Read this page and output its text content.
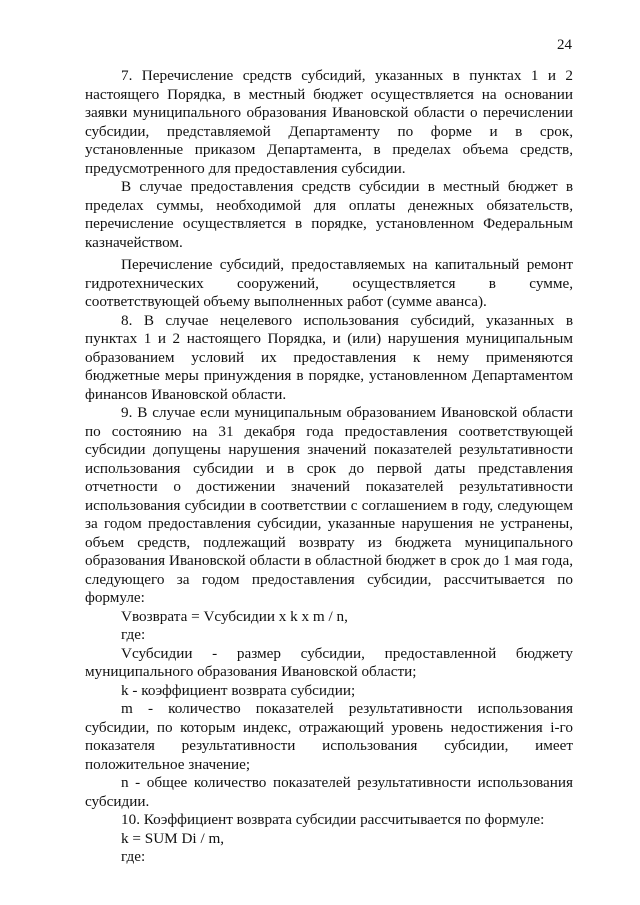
24

7. Перечисление средств субсидий, указанных в пунктах 1 и 2 настоящего Порядка, в местный бюджет осуществляется на основании заявки муниципального образования Ивановской области о перечислении субсидии, представляемой Департаменту по форме и в срок, установленные приказом Департамента, в пределах объема средств, предусмотренного для предоставления субсидии.

В случае предоставления средств субсидии в местный бюджет в пределах суммы, необходимой для оплаты денежных обязательств, перечисление осуществляется в порядке, установленном Федеральным казначейством.

Перечисление субсидий, предоставляемых на капитальный ремонт гидротехнических сооружений, осуществляется в сумме, соответствующей объему выполненных работ (сумме аванса).

8. В случае нецелевого использования субсидий, указанных в пунктах 1 и 2 настоящего Порядка, и (или) нарушения муниципальным образованием условий их предоставления к нему применяются бюджетные меры принуждения в порядке, установленном Департаментом финансов Ивановской области.

9. В случае если муниципальным образованием Ивановской области по состоянию на 31 декабря года предоставления соответствующей субсидии допущены нарушения значений показателей результативности использования субсидии и в срок до первой даты представления отчетности о достижении значений показателей результативности использования субсидии в соответствии с соглашением в году, следующем за годом предоставления субсидии, указанные нарушения не устранены, объем средств, подлежащий возврату из бюджета муниципального образования Ивановской области в областной бюджет в срок до 1 мая года, следующего за годом предоставления субсидии, рассчитывается по формуле:

Vвозврата = Vсубсидии x k x m / n,

где:

Vсубсидии - размер субсидии, предоставленной бюджету муниципального образования Ивановской области;

k - коэффициент возврата субсидии;

m - количество показателей результативности использования субсидии, по которым индекс, отражающий уровень недостижения i-го показателя результативности использования субсидии, имеет положительное значение;

n - общее количество показателей результативности использования субсидии.

10. Коэффициент возврата субсидии рассчитывается по формуле:

k = SUM Di / m,

где:
